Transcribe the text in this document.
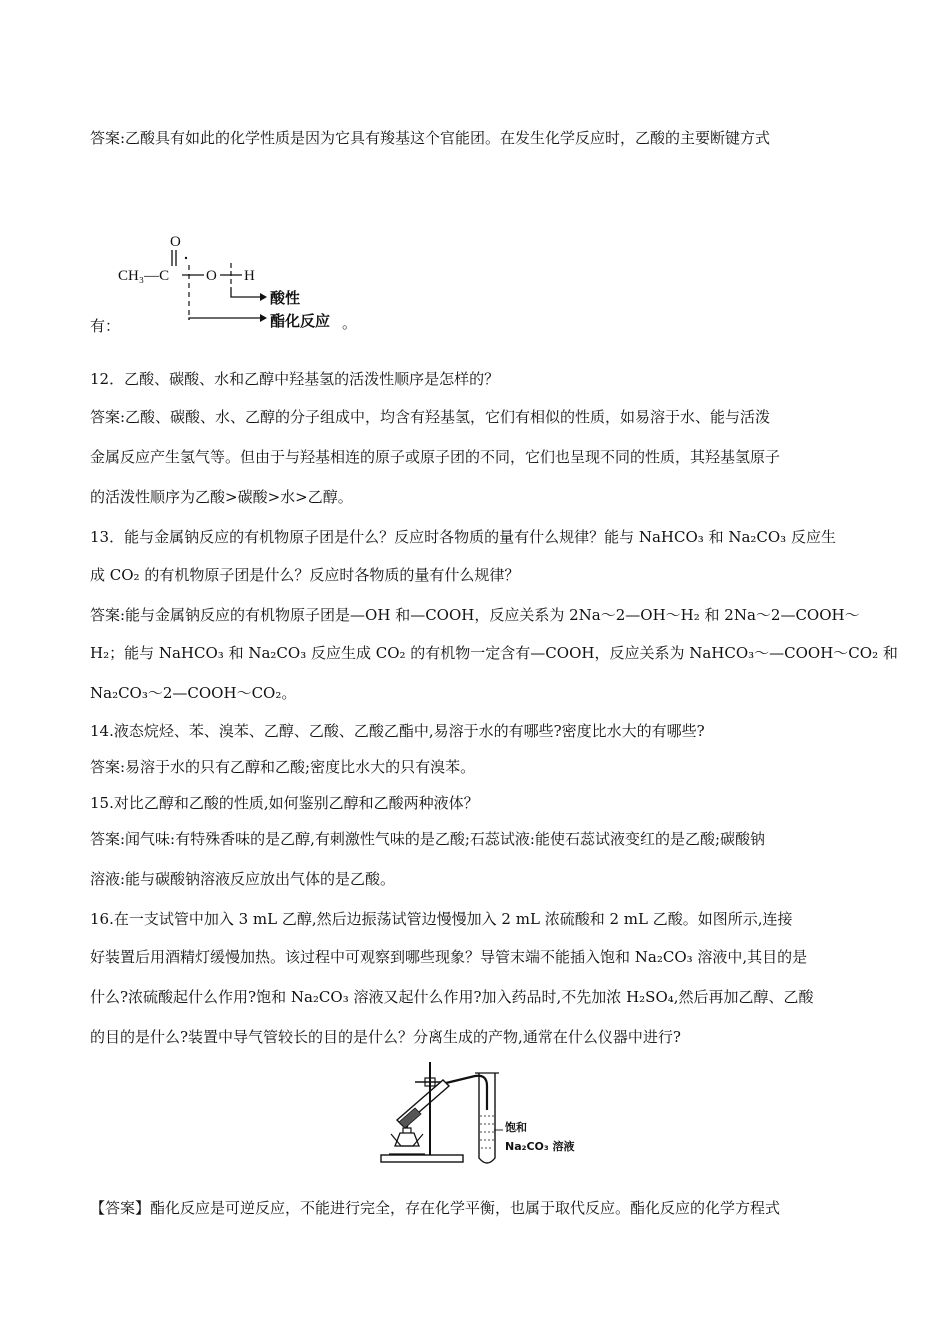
答案:乙酸具有如此的化学性质是因为它具有羧基这个官能团。在发生化学反应时，乙酸的主要断键方式
有：
12．乙酸、碳酸、水和乙醇中羟基氢的活泼性顺序是怎样的？
答案:乙酸、碳酸、水、乙醇的分子组成中，均含有羟基氢，它们有相似的性质，如易溶于水、能与活泼
金属反应产生氢气等。但由于与羟基相连的原子或原子团的不同，它们也呈现不同的性质，其羟基氢原子
的活泼性顺序为乙酸>碳酸>水>乙醇。
13．能与金属钠反应的有机物原子团是什么？反应时各物质的量有什么规律？能与 NaHCO₃ 和 Na₂CO₃ 反应生
成 CO₂ 的有机物原子团是什么？反应时各物质的量有什么规律？
答案:能与金属钠反应的有机物原子团是—OH 和—COOH，反应关系为 2Na～2—OH～H₂ 和 2Na～2—COOH～
H₂；能与 NaHCO₃ 和 Na₂CO₃ 反应生成 CO₂ 的有机物一定含有—COOH，反应关系为 NaHCO₃～—COOH～CO₂ 和
Na₂CO₃～2—COOH～CO₂。
14.液态烷烃、苯、溴苯、乙醇、乙酸、乙酸乙酯中,易溶于水的有哪些?密度比水大的有哪些?
答案:易溶于水的只有乙醇和乙酸;密度比水大的只有溴苯。
15.对比乙醇和乙酸的性质,如何鉴别乙醇和乙酸两种液体？
答案:闻气味:有特殊香味的是乙醇,有刺激性气味的是乙酸;石蕊试液:能使石蕊试液变红的是乙酸;碳酸钠
溶液:能与碳酸钠溶液反应放出气体的是乙酸。
16.在一支试管中加入 3 mL 乙醇,然后边振荡试管边慢慢加入 2 mL 浓硫酸和 2 mL 乙酸。如图所示,连接
好装置后用酒精灯缓慢加热。该过程中可观察到哪些现象？导管末端不能插入饱和 Na₂CO₃ 溶液中,其目的是
什么?浓硫酸起什么作用?饱和 Na₂CO₃ 溶液又起什么作用?加入药品时,不先加浓 H₂SO₄,然后再加乙醇、乙酸
的目的是什么?装置中导气管较长的目的是什么？分离生成的产物,通常在什么仪器中进行?
【答案】酯化反应是可逆反应，不能进行完全，存在化学平衡，也属于取代反应。酯化反应的化学方程式
O
CH₃—C O H
酸性
酯化反应 。
饱和
Na₂CO₃ 溶液
